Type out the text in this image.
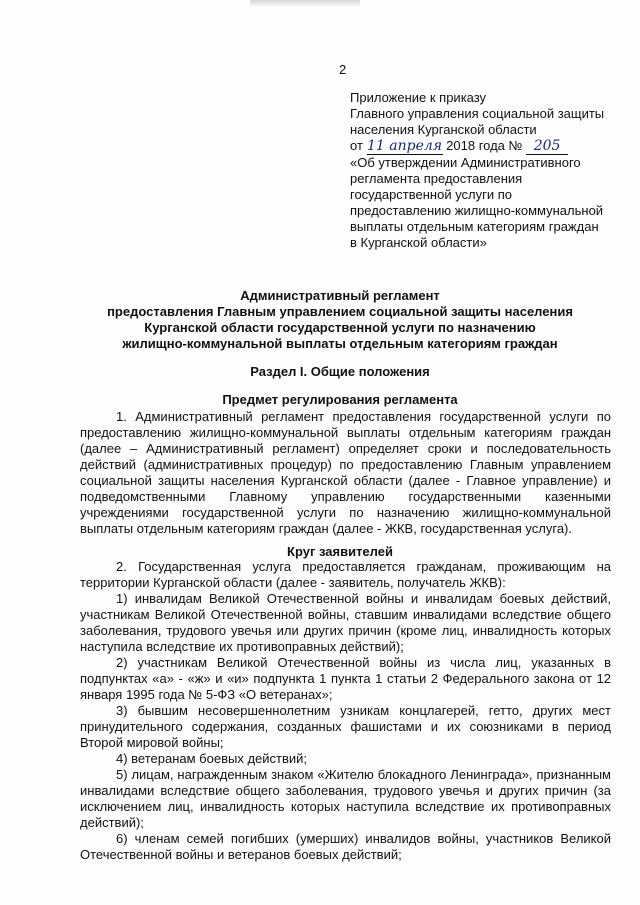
2
Приложение к приказу
Главного управления социальной защиты
населения Курганской области
от 11 апреля 2018 года № 205
«Об утверждении Административного
регламента предоставления
государственной услуги по
предоставлению жилищно-коммунальной
выплаты отдельным категориям граждан
в Курганской области»
Административный регламент
предоставления Главным управлением социальной защиты населения
Курганской области государственной услуги по назначению
жилищно-коммунальной выплаты отдельным категориям граждан
Раздел I. Общие положения
Предмет регулирования регламента

1. Административный регламент предоставления государственной услуги по предоставлению жилищно-коммунальной выплаты отдельным категориям граждан (далее – Административный регламент) определяет сроки и последовательность действий (административных процедур) по предоставлению Главным управлением социальной защиты населения Курганской области (далее - Главное управление) и подведомственными Главному управлению государственными казенными учреждениями государственной услуги по назначению жилищно-коммунальной выплаты отдельным категориям граждан (далее - ЖКВ, государственная услуга).

Круг заявителей

2. Государственная услуга предоставляется гражданам, проживающим на территории Курганской области (далее - заявитель, получатель ЖКВ):

1) инвалидам Великой Отечественной войны и инвалидам боевых действий, участникам Великой Отечественной войны, ставшим инвалидами вследствие общего заболевания, трудового увечья или других причин (кроме лиц, инвалидность которых наступила вследствие их противоправных действий);

2) участникам Великой Отечественной войны из числа лиц, указанных в подпунктах «а» - «ж» и «и» подпункта 1 пункта 1 статьи 2 Федерального закона от 12 января 1995 года № 5-ФЗ «О ветеранах»;

3) бывшим несовершеннолетним узникам концлагерей, гетто, других мест принудительного содержания, созданных фашистами и их союзниками в период Второй мировой войны;

4) ветеранам боевых действий;

5) лицам, награжденным знаком «Жителю блокадного Ленинграда», признанным инвалидами вследствие общего заболевания, трудового увечья и других причин (за исключением лиц, инвалидность которых наступила вследствие их противоправных действий);

6) членам семей погибших (умерших) инвалидов войны, участников Великой Отечественной войны и ветеранов боевых действий;
